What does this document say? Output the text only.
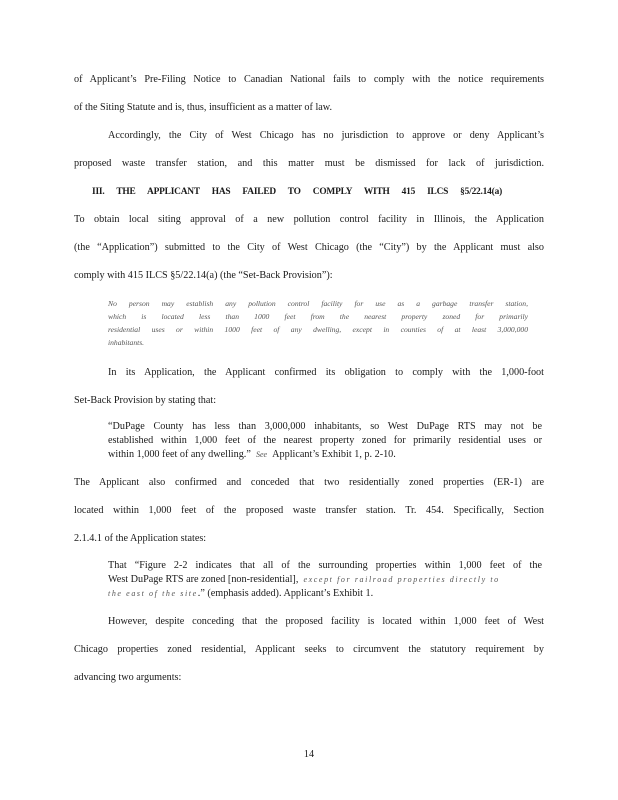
of Applicant’s Pre-Filing Notice to Canadian National fails to comply with the notice requirements
of the Siting Statute and is, thus, insufficient as a matter of law.
Accordingly, the City of West Chicago has no jurisdiction to approve or deny Applicant’s
proposed waste transfer station, and this matter must be dismissed for lack of jurisdiction.
III. THE APPLICANT HAS FAILED TO COMPLY WITH 415 ILCS §5/22.14(a)
To obtain local siting approval of a new pollution control facility in Illinois, the Application
(the “Application”) submitted to the City of West Chicago (the “City”) by the Applicant must also
comply with 415 ILCS §5/22.14(a) (the “Set-Back Provision”):
No person may establish any pollution control facility for use as a garbage transfer station,
which is located less than 1000 feet from the nearest property zoned for primarily
residential uses or within 1000 feet of any dwelling, except in counties of at least 3,000,000
inhabitants.
In its Application, the Applicant confirmed its obligation to comply with the 1,000-foot
Set-Back Provision by stating that:
“DuPage County has less than 3,000,000 inhabitants, so West DuPage RTS may not be
established within 1,000 feet of the nearest property zoned for primarily residential uses or
within 1,000 feet of any dwelling.” See Applicant’s Exhibit 1, p. 2-10.
The Applicant also confirmed and conceded that two residentially zoned properties (ER-1) are
located within 1,000 feet of the proposed waste transfer station. Tr. 454. Specifically, Section
2.1.4.1 of the Application states:
That “Figure 2-2 indicates that all of the surrounding properties within 1,000 feet of the
West DuPage RTS are zoned [non-residential], except for railroad properties directly to
the east of the site.” (emphasis added). Applicant’s Exhibit 1.
However, despite conceding that the proposed facility is located within 1,000 feet of West
Chicago properties zoned residential, Applicant seeks to circumvent the statutory requirement by
advancing two arguments:
14
